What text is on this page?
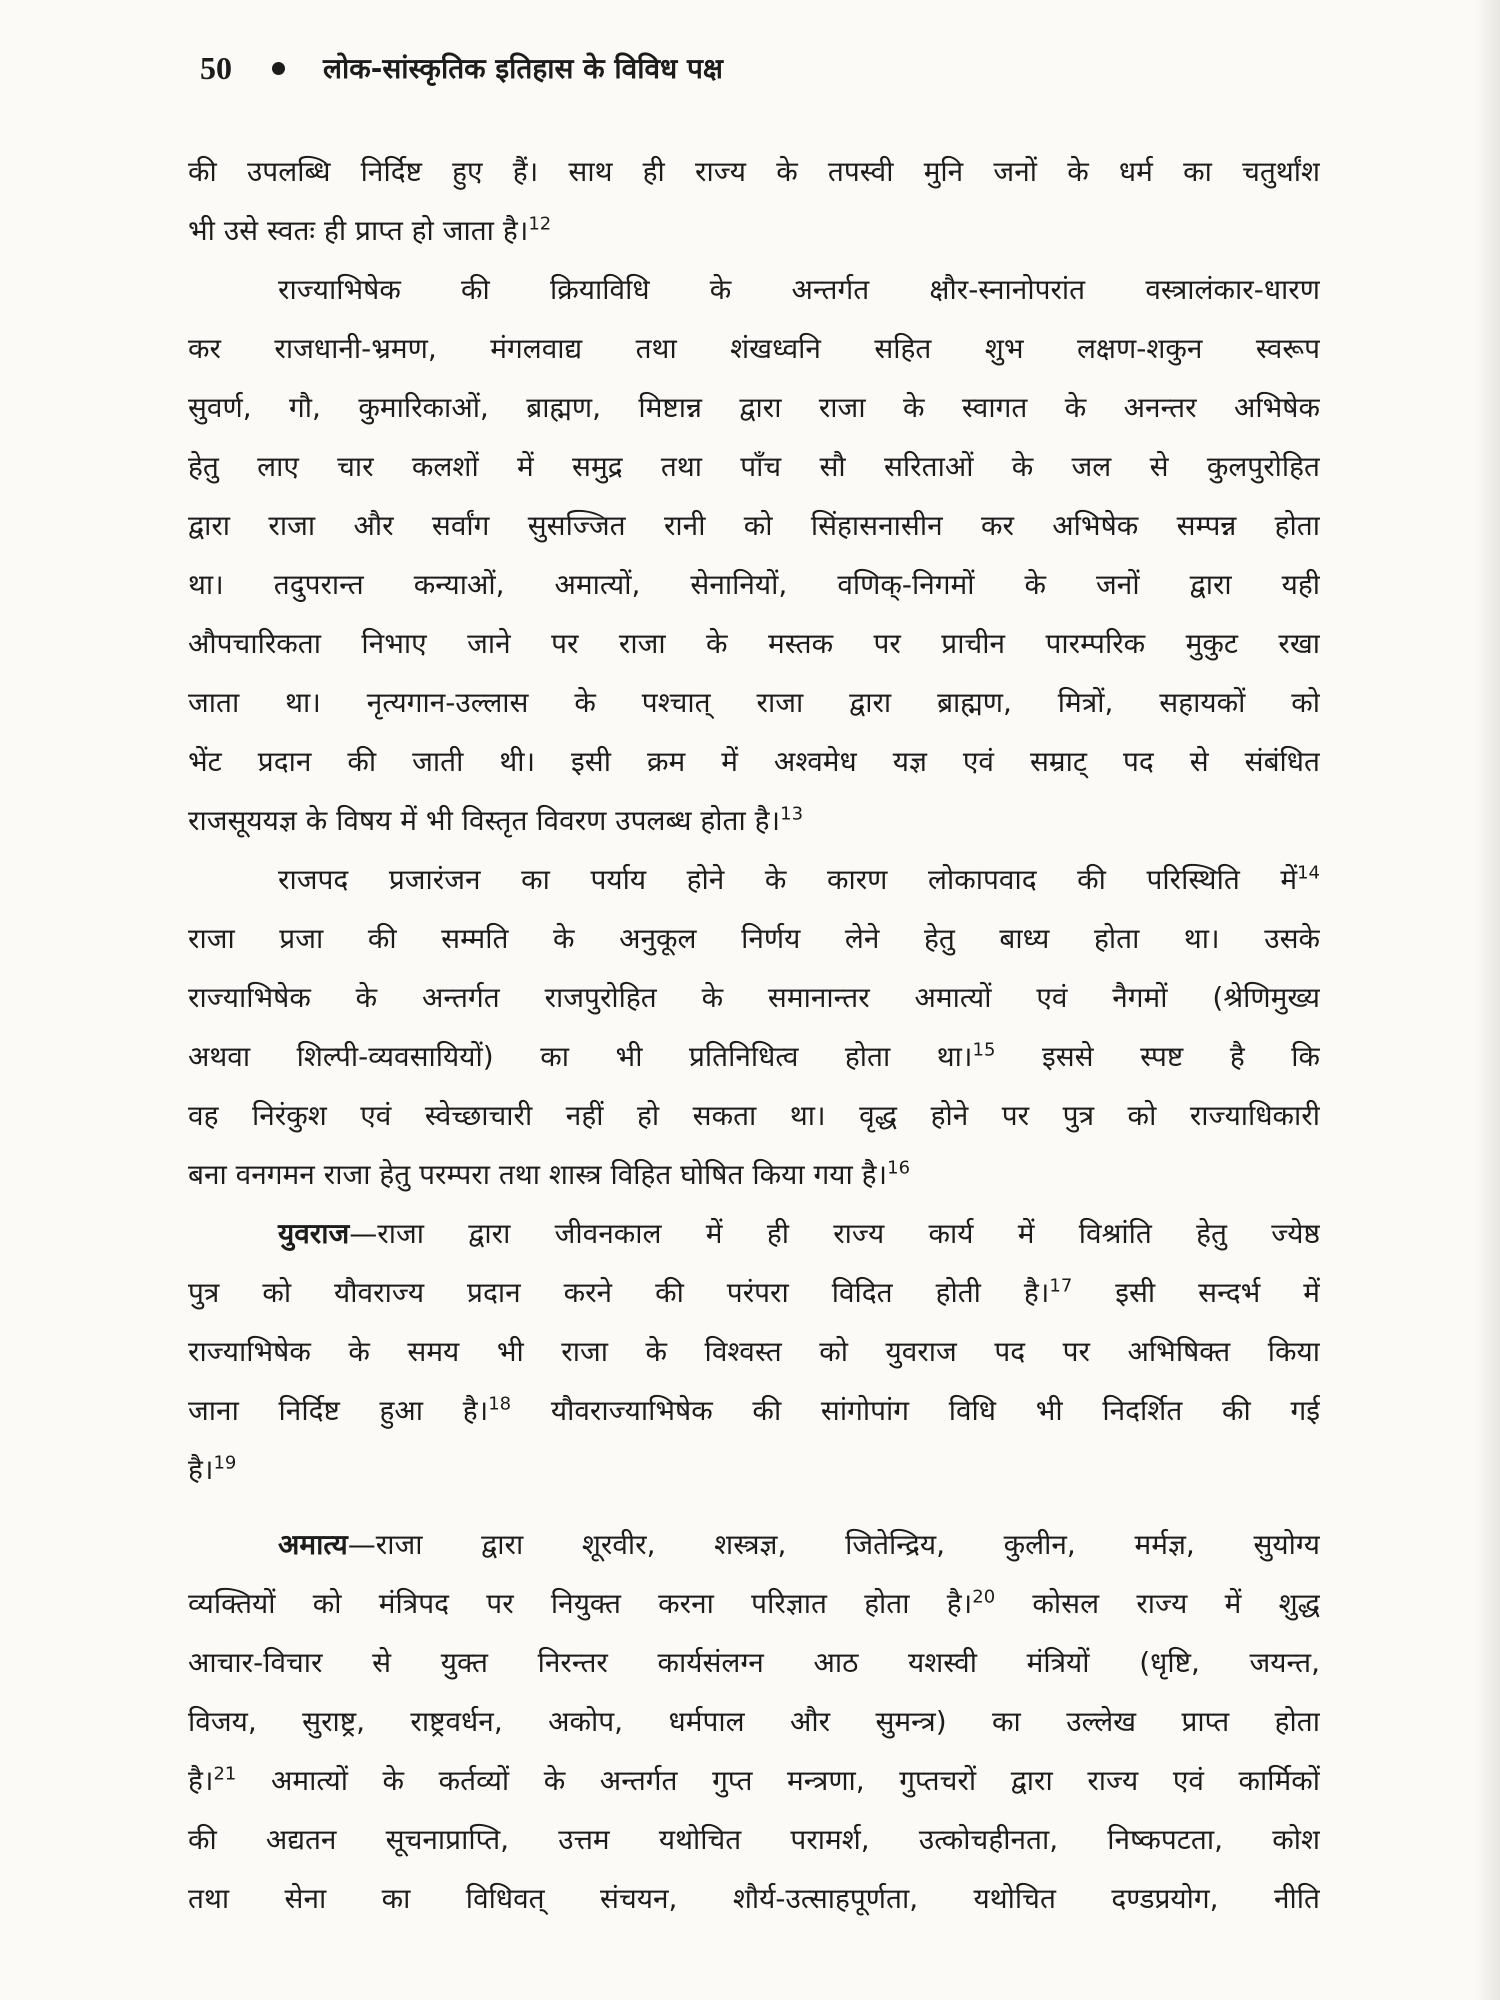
50	लोक-सांस्कृतिक इतिहास के विविध पक्ष
की उपलब्धि निर्दिष्ट हुए हैं। साथ ही राज्य के तपस्वी मुनि जनों के धर्म का चतुर्थांश
भी उसे स्वतः ही प्राप्त हो जाता है।$^{12}$
राज्याभिषेक की क्रियाविधि के अन्तर्गत क्षौर-स्नानोपरांत वस्त्रालंकार-धारण
कर राजधानी-भ्रमण, मंगलवाद्य तथा शंखध्वनि सहित शुभ लक्षण-शकुन स्वरूप
सुवर्ण, गौ, कुमारिकाओं, ब्राह्मण, मिष्टान्न द्वारा राजा के स्वागत के अनन्तर अभिषेक
हेतु लाए चार कलशों में समुद्र तथा पाँच सौ सरिताओं के जल से कुलपुरोहित
द्वारा राजा और सर्वांग सुसज्जित रानी को सिंहासनासीन कर अभिषेक सम्पन्न होता
था। तदुपरान्त कन्याओं, अमात्यों, सेनानियों, वणिक्-निगमों के जनों द्वारा यही
औपचारिकता निभाए जाने पर राजा के मस्तक पर प्राचीन पारम्परिक मुकुट रखा
जाता था। नृत्यगान-उल्लास के पश्चात् राजा द्वारा ब्राह्मण, मित्रों, सहायकों को
भेंट प्रदान की जाती थी। इसी क्रम में अश्वमेध यज्ञ एवं सम्राट् पद से संबंधित
राजसूययज्ञ के विषय में भी विस्तृत विवरण उपलब्ध होता है।$^{13}$
राजपद प्रजारंजन का पर्याय होने के कारण लोकापवाद की परिस्थिति में$^{14}$
राजा प्रजा की सम्मति के अनुकूल निर्णय लेने हेतु बाध्य होता था। उसके
राज्याभिषेक के अन्तर्गत राजपुरोहित के समानान्तर अमात्यों एवं नैगमों (श्रेणिमुख्य
अथवा शिल्पी-व्यवसायियों) का भी प्रतिनिधित्व होता था।$^{15}$ इससे स्पष्ट है कि
वह निरंकुश एवं स्वेच्छाचारी नहीं हो सकता था। वृद्ध होने पर पुत्र को राज्याधिकारी
बना वनगमन राजा हेतु परम्परा तथा शास्त्र विहित घोषित किया गया है।$^{16}$
युवराज—राजा द्वारा जीवनकाल में ही राज्य कार्य में विश्रांति हेतु ज्येष्ठ
पुत्र को यौवराज्य प्रदान करने की परंपरा विदित होती है।$^{17}$ इसी सन्दर्भ में
राज्याभिषेक के समय भी राजा के विश्वस्त को युवराज पद पर अभिषिक्त किया
जाना निर्दिष्ट हुआ है।$^{18}$ यौवराज्याभिषेक की सांगोपांग विधि भी निदर्शित की गई
है।$^{19}$
अमात्य—राजा द्वारा शूरवीर, शस्त्रज्ञ, जितेन्द्रिय, कुलीन, मर्मज्ञ, सुयोग्य
व्यक्तियों को मंत्रिपद पर नियुक्त करना परिज्ञात होता है।$^{20}$ कोसल राज्य में शुद्ध
आचार-विचार से युक्त निरन्तर कार्यसंलग्न आठ यशस्वी मंत्रियों (धृष्टि, जयन्त,
विजय, सुराष्ट्र, राष्ट्रवर्धन, अकोप, धर्मपाल और सुमन्त्र) का उल्लेख प्राप्त होता
है।$^{21}$ अमात्यों के कर्तव्यों के अन्तर्गत गुप्त मन्त्रणा, गुप्तचरों द्वारा राज्य एवं कार्मिकों
की अद्यतन सूचनाप्राप्ति, उत्तम यथोचित परामर्श, उत्कोचहीनता, निष्कपटता, कोश
तथा सेना का विधिवत् संचयन, शौर्य-उत्साहपूर्णता, यथोचित दण्डप्रयोग, नीति
